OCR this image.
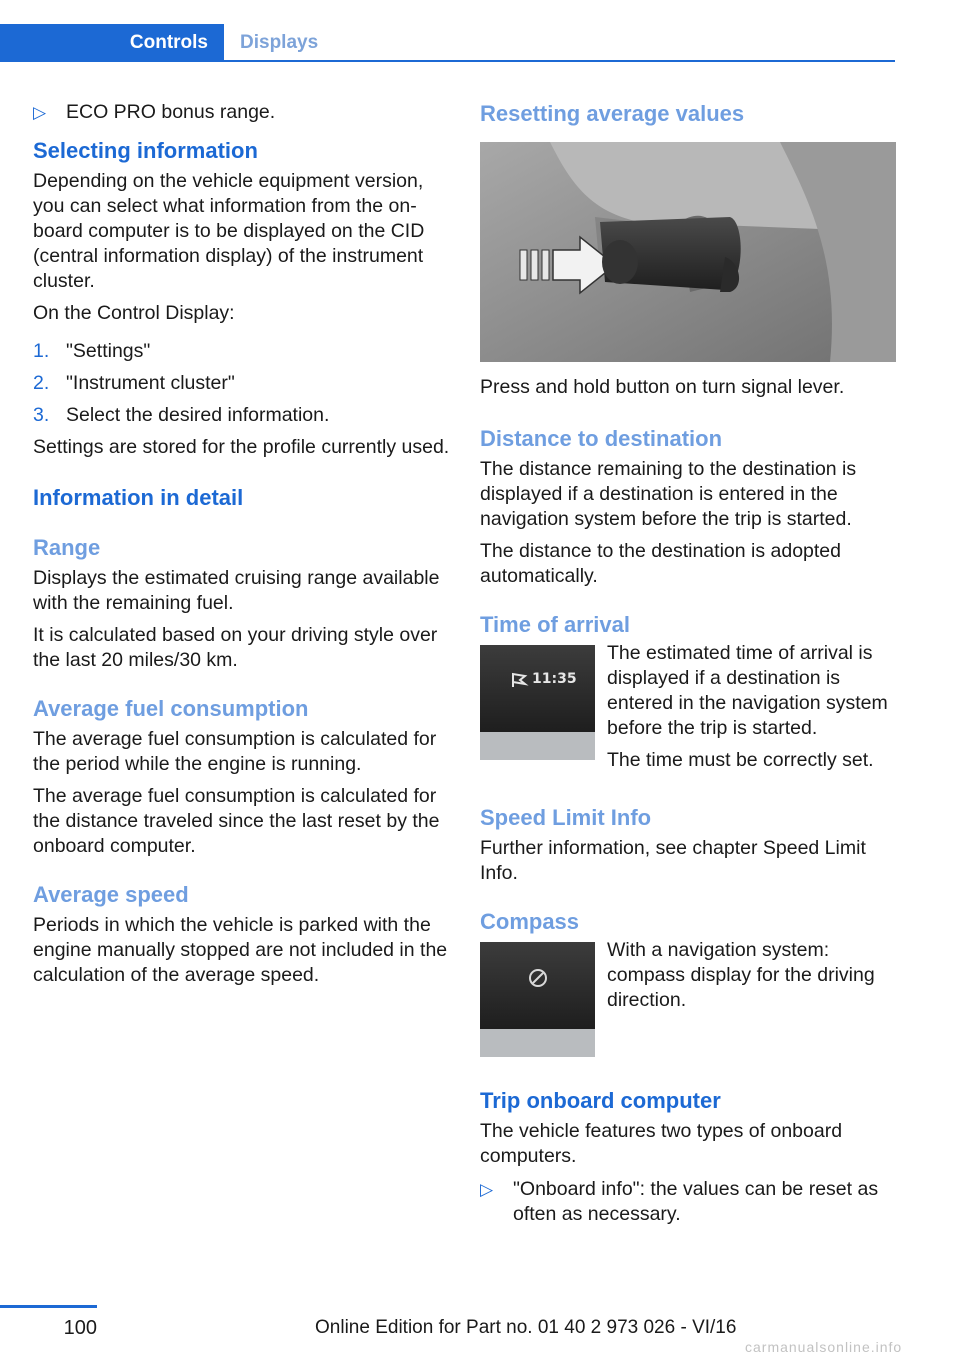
Controls	Displays
▷ ECO PRO bonus range.
Selecting information

Depending on the vehicle equipment version, you can select what information from the on-board computer is to be displayed on the CID (central information display) of the instrument cluster.

On the Control Display:

1. "Settings"
2. "Instrument cluster"
3. Select the desired information.

Settings are stored for the profile currently used.

Information in detail
Range

Displays the estimated cruising range available with the remaining fuel.

It is calculated based on your driving style over the last 20 miles/30 km.

Average fuel consumption

The average fuel consumption is calculated for the period while the engine is running.

The average fuel consumption is calculated for the distance traveled since the last reset by the onboard computer.

Average speed

Periods in which the vehicle is parked with the engine manually stopped are not included in the calculation of the average speed.

Resetting average values

Press and hold button on turn signal lever.

Distance to destination

The distance remaining to the destination is displayed if a destination is entered in the navigation system before the trip is started.

The distance to the destination is adopted automatically.

Time of arrival
11:35

The estimated time of arrival is displayed if a destination is entered in the navigation system before the trip is started.

The time must be correctly set.

Speed Limit Info

Further information, see chapter Speed Limit Info.

Compass

With a navigation system: compass display for the driving direction.

Trip onboard computer

The vehicle features two types of onboard computers.

▷ "Onboard info": the values can be reset as often as necessary.
100	Online Edition for Part no. 01 40 2 973 026 - VI/16
carmanualsonline.info
